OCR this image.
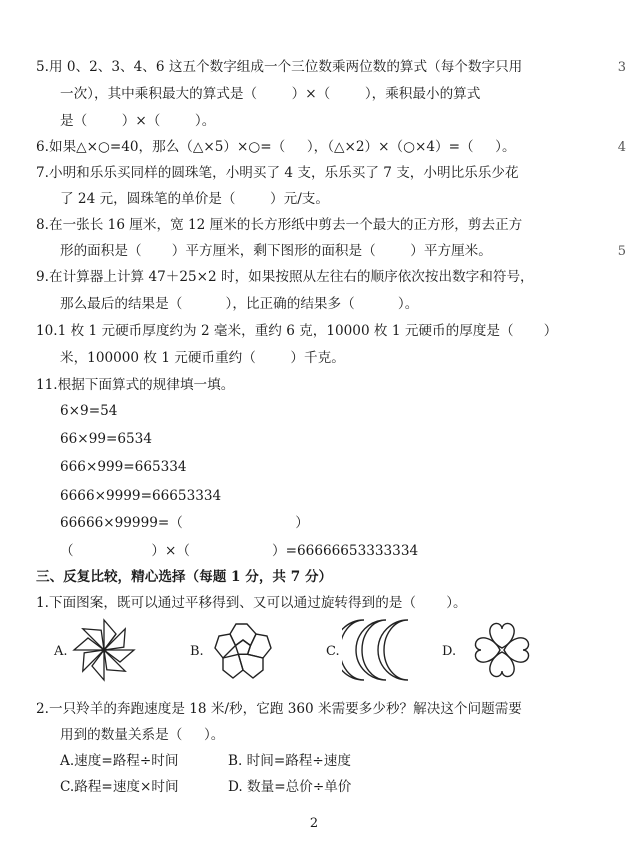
3
4
5
5.用 0、2、3、4、6 这五个数字组成一个三位数乘两位数的算式（每个数字只用
一次），其中乘积最大的算式是（        ）×（        ），乘积最小的算式
是（        ）×（        ）。
6.如果△×○=40，那么（△×5）×○=（     ），（△×2）×（○×4）=（     ）。
7.小明和乐乐买同样的圆珠笔，小明买了 4 支，乐乐买了 7 支，小明比乐乐少花
了 24 元，圆珠笔的单价是（        ）元/支。
8.在一张长 16 厘米，宽 12 厘米的长方形纸中剪去一个最大的正方形，剪去正方
形的面积是（       ）平方厘米，剩下图形的面积是（        ）平方厘米。
9.在计算器上计算 47＋25×2 时，如果按照从左往右的顺序依次按出数字和符号，
那么最后的结果是（          ），比正确的结果多（          ）。
10.1 枚 1 元硬币厚度约为 2 毫米，重约 6 克，10000 枚 1 元硬币的厚度是（       ）
米，100000 枚 1 元硬币重约（        ）千克。
11.根据下面算式的规律填一填。
6×9=54
66×99=6534
666×999=665334
6666×9999=66653334
66666×99999=（                          ）
（                  ）×（                   ）=66666653333334
三、反复比较，精心选择（每题 1 分，共 7 分）
1.下面图案，既可以通过平移得到、又可以通过旋转得到的是（       ）。
A.	B.	C.	D.
2.一只羚羊的奔跑速度是 18 米/秒，它跑 360 米需要多少秒？解决这个问题需要
用到的数量关系是（     ）。
A.速度=路程÷时间	B. 时间=路程÷速度
C.路程=速度×时间	D. 数量=总价÷单价
2
